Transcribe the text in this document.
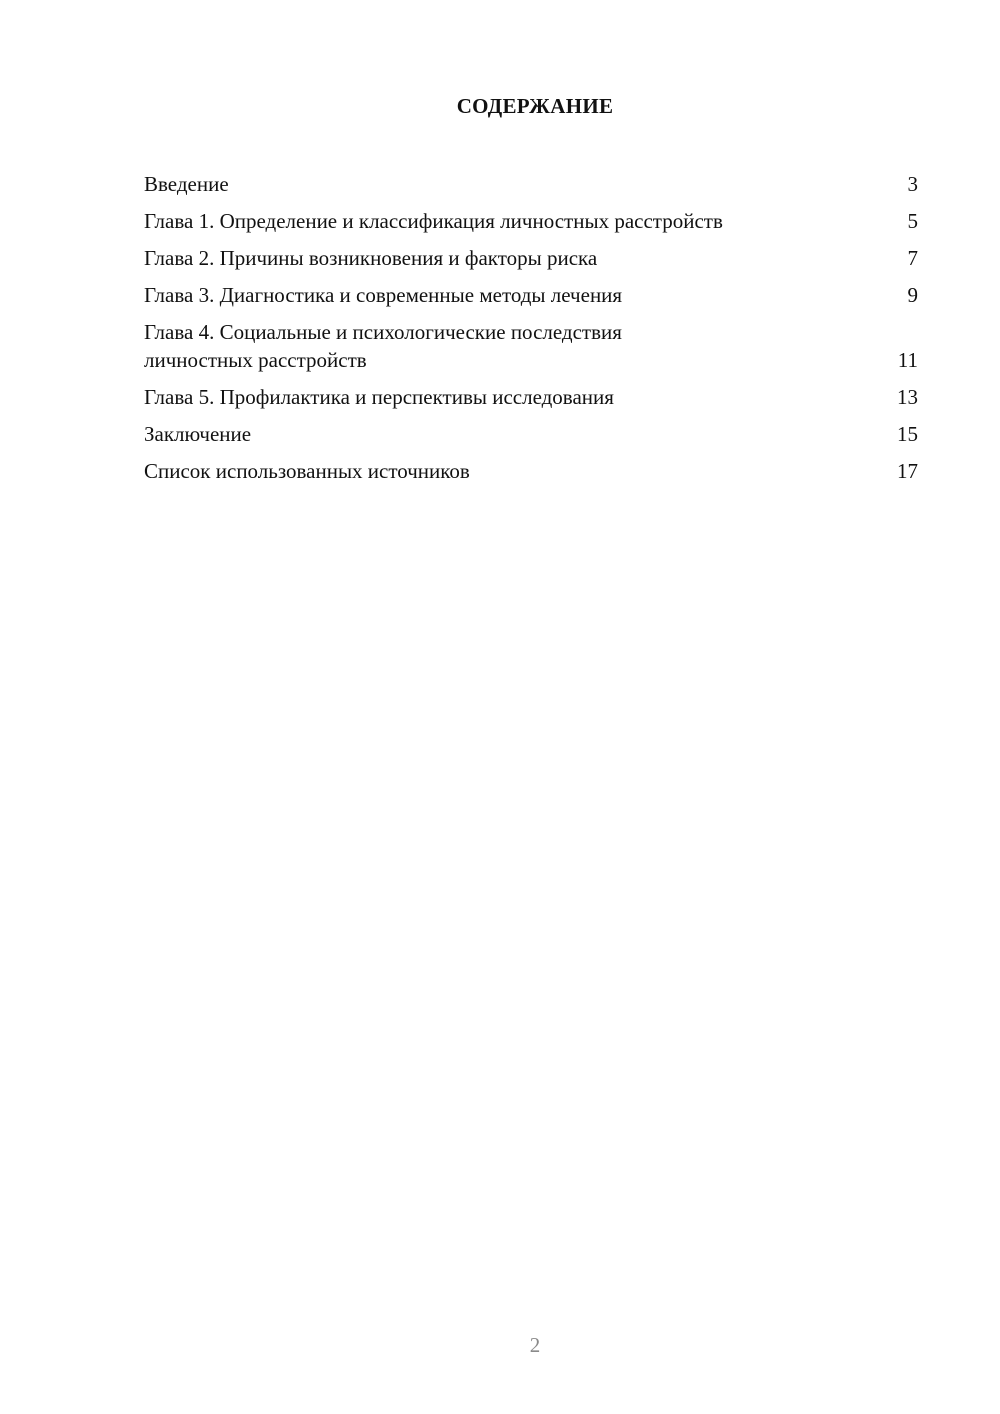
СОДЕРЖАНИЕ
Введение	3
Глава 1. Определение и классификация личностных расстройств	5
Глава 2. Причины возникновения и факторы риска	7
Глава 3. Диагностика и современные методы лечения	9
Глава 4. Социальные и психологические последствия личностных расстройств	11
Глава 5. Профилактика и перспективы исследования	13
Заключение	15
Список использованных источников	17
2
